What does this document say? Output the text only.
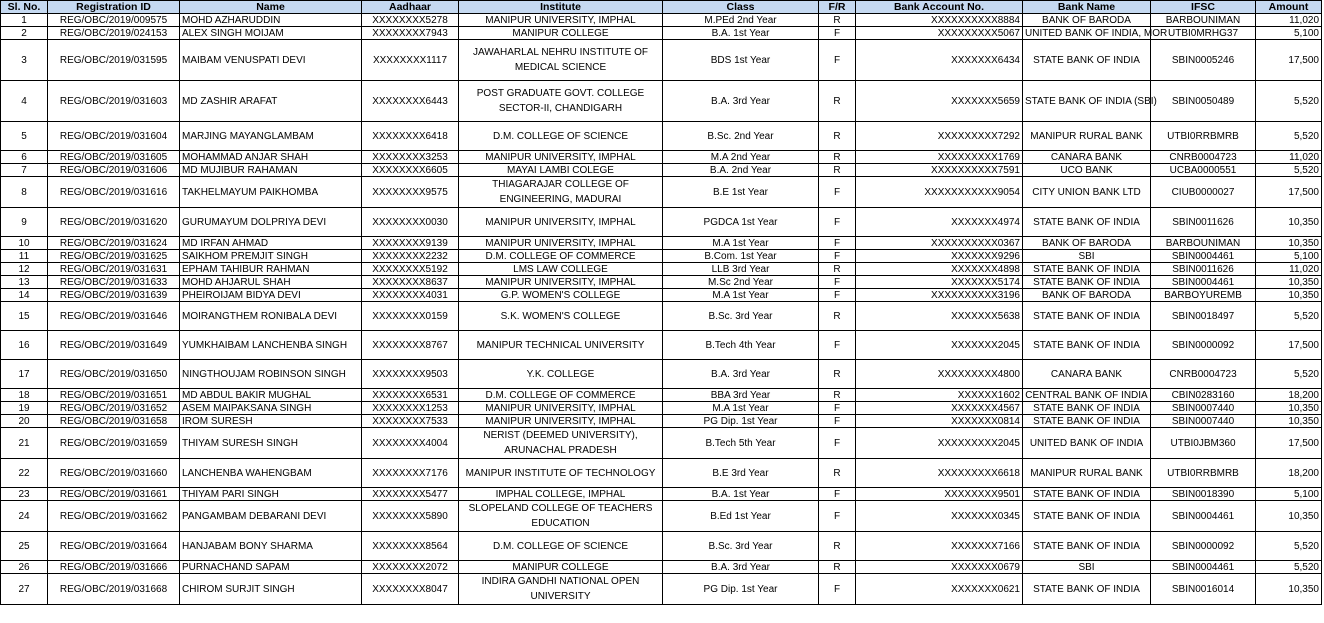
Sl. No.	Registration ID	Name	Aadhaar	Institute	Class	F/R	Bank Account No.	Bank Name	IFSC	Amount
1	REG/OBC/2019/009575	MOHD AZHARUDDIN	XXXXXXXX5278	MANIPUR UNIVERSITY, IMPHAL	M.PEd 2nd Year	R	XXXXXXXXXX8884	BANK OF BARODA	BARBOUNIMAN	11,020
2	REG/OBC/2019/024153	ALEX SINGH MOIJAM	XXXXXXXX7943	MANIPUR COLLEGE	B.A. 1st Year	F	XXXXXXXXX5067	UNITED BANK OF INDIA, MOR	UTBI0MRHG37	5,100
3	REG/OBC/2019/031595	MAIBAM VENUSPATI DEVI	XXXXXXXX1117	JAWAHARLAL NEHRU INSTITUTE OF MEDICAL SCIENCE	BDS 1st Year	F	XXXXXXX6434	STATE BANK OF INDIA	SBIN0005246	17,500
4	REG/OBC/2019/031603	MD ZASHIR ARAFAT	XXXXXXXX6443	POST GRADUATE GOVT. COLLEGE SECTOR-II, CHANDIGARH	B.A. 3rd Year	R	XXXXXXX5659	STATE BANK OF INDIA (SBI)	SBIN0050489	5,520
5	REG/OBC/2019/031604	MARJING MAYANGLAMBAM	XXXXXXXX6418	D.M. COLLEGE OF SCIENCE	B.Sc. 2nd Year	R	XXXXXXXXX7292	MANIPUR RURAL BANK	UTBI0RRBMRB	5,520
6	REG/OBC/2019/031605	MOHAMMAD ANJAR SHAH	XXXXXXXX3253	MANIPUR UNIVERSITY, IMPHAL	M.A 2nd Year	R	XXXXXXXXX1769	CANARA BANK	CNRB0004723	11,020
7	REG/OBC/2019/031606	MD MUJIBUR RAHAMAN	XXXXXXXX6605	MAYAI LAMBI COLEGE	B.A. 2nd Year	R	XXXXXXXXXX7591	UCO BANK	UCBA0000551	5,520
8	REG/OBC/2019/031616	TAKHELMAYUM PAIKHOMBA	XXXXXXXX9575	THIAGARAJAR COLLEGE OF ENGINEERING, MADURAI	B.E 1st Year	F	XXXXXXXXXXX9054	CITY UNION BANK LTD	CIUB0000027	17,500
9	REG/OBC/2019/031620	GURUMAYUM DOLPRIYA DEVI	XXXXXXXX0030	MANIPUR UNIVERSITY, IMPHAL	PGDCA 1st Year	F	XXXXXXX4974	STATE BANK OF INDIA	SBIN0011626	10,350
10	REG/OBC/2019/031624	MD IRFAN AHMAD	XXXXXXXX9139	MANIPUR UNIVERSITY, IMPHAL	M.A 1st Year	F	XXXXXXXXXX0367	BANK OF BARODA	BARBOUNIMAN	10,350
11	REG/OBC/2019/031625	SAIKHOM PREMJIT SINGH	XXXXXXXX2232	D.M. COLLEGE OF COMMERCE	B.Com. 1st Year	F	XXXXXXX9296	SBI	SBIN0004461	5,100
12	REG/OBC/2019/031631	EPHAM TAHIBUR RAHMAN	XXXXXXXX5192	LMS LAW COLLEGE	LLB 3rd Year	R	XXXXXXX4898	STATE BANK OF INDIA	SBIN0011626	11,020
13	REG/OBC/2019/031633	MOHD AHJARUL SHAH	XXXXXXXX8637	MANIPUR UNIVERSITY, IMPHAL	M.Sc 2nd Year	F	XXXXXXX5174	STATE BANK OF INDIA	SBIN0004461	10,350
14	REG/OBC/2019/031639	PHEIROIJAM BIDYA DEVI	XXXXXXXX4031	G.P. WOMEN'S COLLEGE	M.A 1st Year	F	XXXXXXXXXX3196	BANK OF BARODA	BARBOYUREMB	10,350
15	REG/OBC/2019/031646	MOIRANGTHEM RONIBALA DEVI	XXXXXXXX0159	S.K. WOMEN'S COLLEGE	B.Sc. 3rd Year	R	XXXXXXX5638	STATE BANK OF INDIA	SBIN0018497	5,520
16	REG/OBC/2019/031649	YUMKHAIBAM LANCHENBA SINGH	XXXXXXXX8767	MANIPUR TECHNICAL UNIVERSITY	B.Tech 4th Year	F	XXXXXXX2045	STATE BANK OF INDIA	SBIN0000092	17,500
17	REG/OBC/2019/031650	NINGTHOUJAM ROBINSON SINGH	XXXXXXXX9503	Y.K. COLLEGE	B.A. 3rd Year	R	XXXXXXXXX4800	CANARA BANK	CNRB0004723	5,520
18	REG/OBC/2019/031651	MD ABDUL BAKIR MUGHAL	XXXXXXXX6531	D.M. COLLEGE OF COMMERCE	BBA 3rd Year	R	XXXXXX1602	CENTRAL BANK OF INDIA	CBIN0283160	18,200
19	REG/OBC/2019/031652	ASEM MAIPAKSANA SINGH	XXXXXXXX1253	MANIPUR UNIVERSITY, IMPHAL	M.A 1st Year	F	XXXXXXX4567	STATE BANK OF INDIA	SBIN0007440	10,350
20	REG/OBC/2019/031658	IROM SURESH	XXXXXXXX7533	MANIPUR UNIVERSITY, IMPHAL	PG Dip. 1st Year	F	XXXXXXX0814	STATE BANK OF INDIA	SBIN0007440	10,350
21	REG/OBC/2019/031659	THIYAM SURESH SINGH	XXXXXXXX4004	NERIST (DEEMED UNIVERSITY), ARUNACHAL PRADESH	B.Tech 5th Year	F	XXXXXXXXX2045	UNITED BANK OF INDIA	UTBI0JBM360	17,500
22	REG/OBC/2019/031660	LANCHENBA WAHENGBAM	XXXXXXXX7176	MANIPUR INSTITUTE OF TECHNOLOGY	B.E 3rd Year	R	XXXXXXXXX6618	MANIPUR RURAL BANK	UTBI0RRBMRB	18,200
23	REG/OBC/2019/031661	THIYAM PARI SINGH	XXXXXXXX5477	IMPHAL COLLEGE, IMPHAL	B.A. 1st Year	F	XXXXXXXX9501	STATE BANK OF INDIA	SBIN0018390	5,100
24	REG/OBC/2019/031662	PANGAMBAM DEBARANI DEVI	XXXXXXXX5890	SLOPELAND COLLEGE OF TEACHERS EDUCATION	B.Ed 1st Year	F	XXXXXXX0345	STATE BANK OF INDIA	SBIN0004461	10,350
25	REG/OBC/2019/031664	HANJABAM BONY SHARMA	XXXXXXXX8564	D.M. COLLEGE OF SCIENCE	B.Sc. 3rd Year	R	XXXXXXX7166	STATE BANK OF INDIA	SBIN0000092	5,520
26	REG/OBC/2019/031666	PURNACHAND SAPAM	XXXXXXXX2072	MANIPUR COLLEGE	B.A. 3rd Year	R	XXXXXXX0679	SBI	SBIN0004461	5,520
27	REG/OBC/2019/031668	CHIROM SURJIT SINGH	XXXXXXXX8047	INDIRA GANDHI NATIONAL OPEN UNIVERSITY	PG Dip. 1st Year	F	XXXXXXX0621	STATE BANK OF INDIA	SBIN0016014	10,350
